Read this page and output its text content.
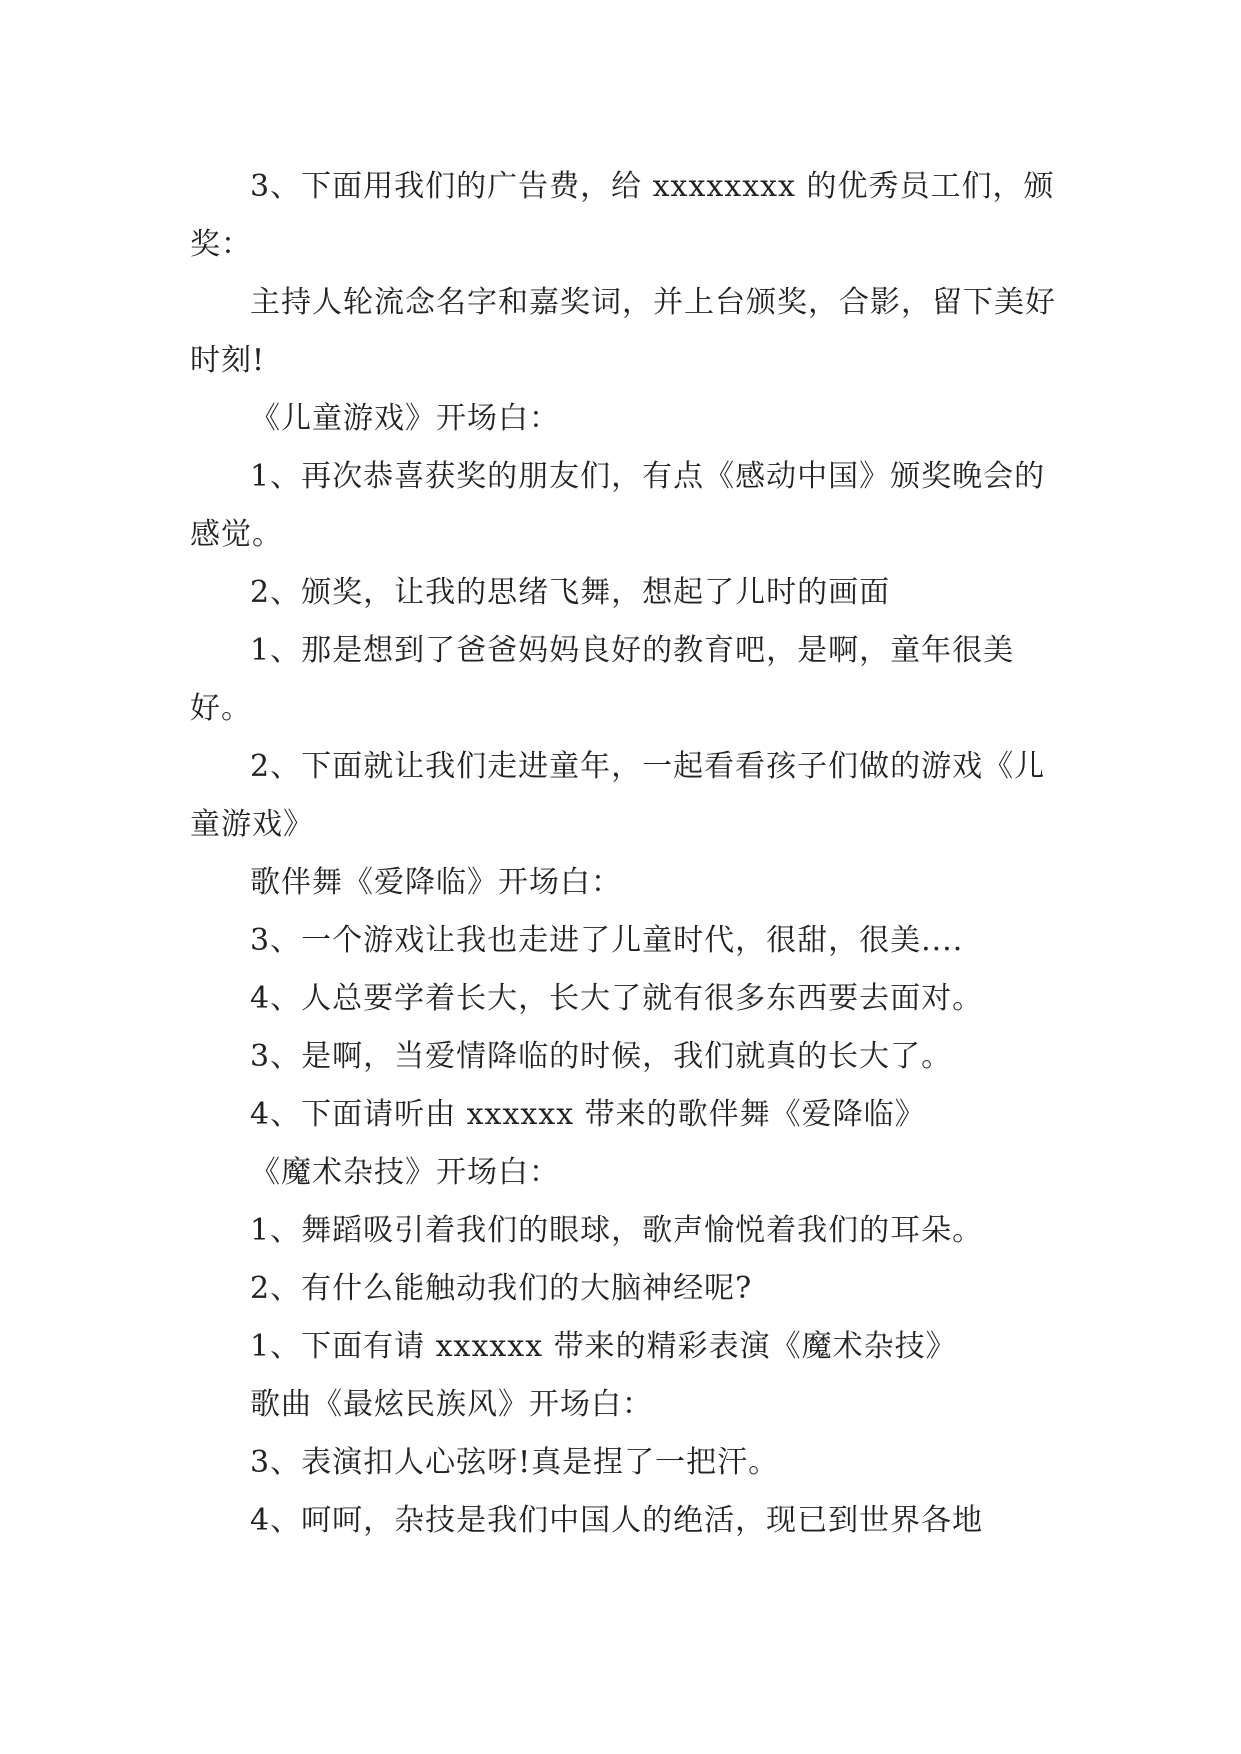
3、下面用我们的广告费，给 xxxxxxxx 的优秀员工们，颁奖：

主持人轮流念名字和嘉奖词，并上台颁奖，合影，留下美好时刻!

《儿童游戏》开场白：

1、再次恭喜获奖的朋友们，有点《感动中国》颁奖晚会的感觉。

2、颁奖，让我的思绪飞舞，想起了儿时的画面

1、那是想到了爸爸妈妈良好的教育吧，是啊，童年很美好。

2、下面就让我们走进童年，一起看看孩子们做的游戏《儿童游戏》

歌伴舞《爱降临》开场白：

3、一个游戏让我也走进了儿童时代，很甜，很美....

4、人总要学着长大，长大了就有很多东西要去面对。

3、是啊，当爱情降临的时候，我们就真的长大了。

4、下面请听由 xxxxxx 带来的歌伴舞《爱降临》

《魔术杂技》开场白：

1、舞蹈吸引着我们的眼球，歌声愉悦着我们的耳朵。

2、有什么能触动我们的大脑神经呢?

1、下面有请 xxxxxx 带来的精彩表演《魔术杂技》

歌曲《最炫民族风》开场白：

3、表演扣人心弦呀!真是捏了一把汗。

4、呵呵，杂技是我们中国人的绝活，现已到世界各地
